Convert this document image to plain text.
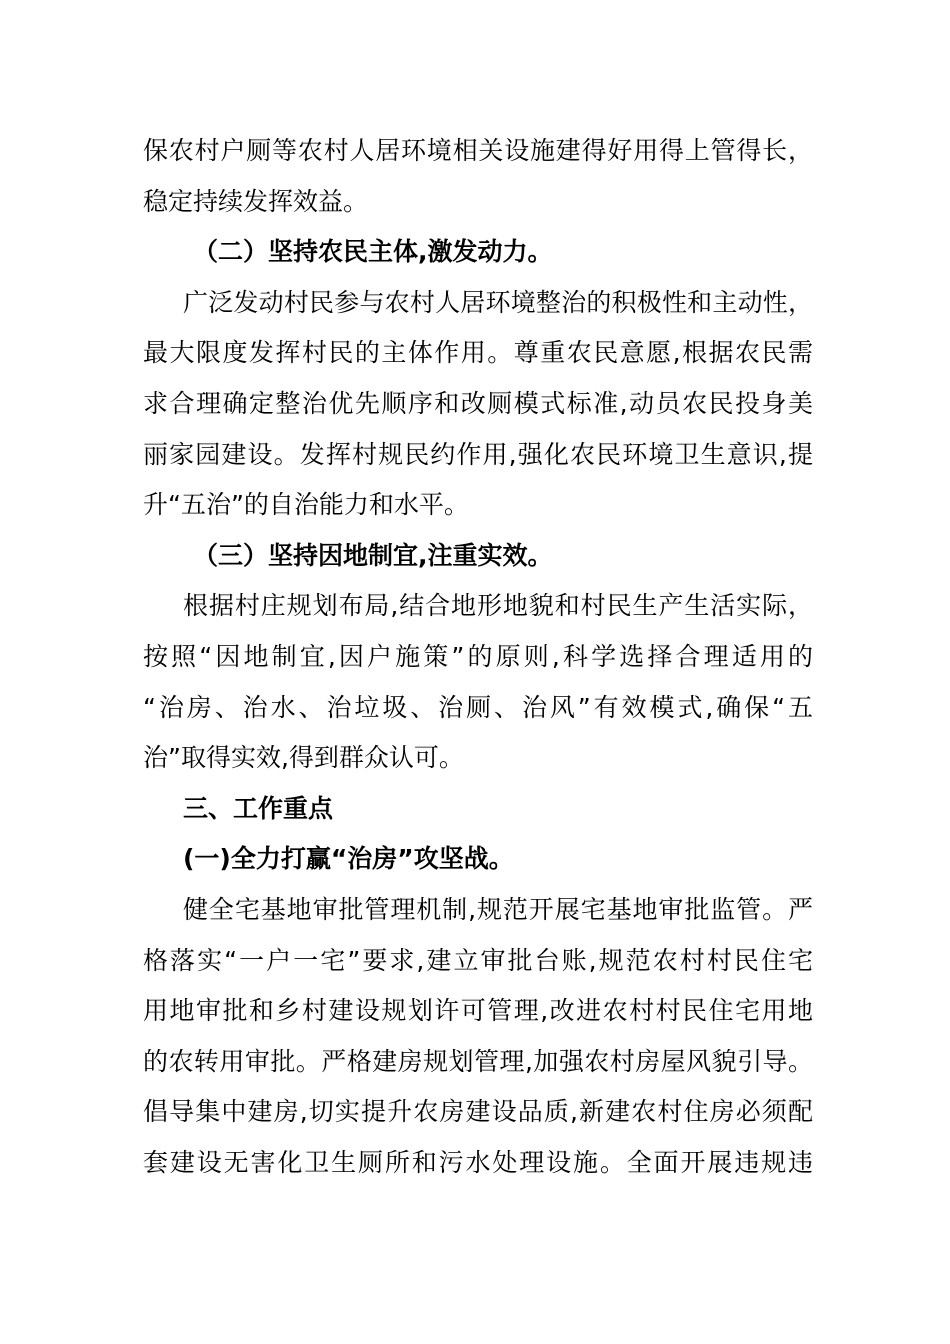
保农村户厕等农村人居环境相关设施建得好用得上管得长，
稳定持续发挥效益。
（二）坚持农民主体,激发动力。
广泛发动村民参与农村人居环境整治的积极性和主动性，
最大限度发挥村民的主体作用。尊重农民意愿,根据农民需
求合理确定整治优先顺序和改厕模式标准,动员农民投身美
丽家园建设。发挥村规民约作用,强化农民环境卫生意识,提
升“五治”的自治能力和水平。
（三）坚持因地制宜,注重实效。
根据村庄规划布局,结合地形地貌和村民生产生活实际，
按照“因地制宜,因户施策”的原则,科学选择合理适用的
“治房、治水、治垃圾、治厕、治风”有效模式,确保“五
治”取得实效,得到群众认可。
三、工作重点
(一)全力打赢“治房”攻坚战。
健全宅基地审批管理机制,规范开展宅基地审批监管。严
格落实“一户一宅”要求,建立审批台账,规范农村村民住宅
用地审批和乡村建设规划许可管理,改进农村村民住宅用地
的农转用审批。严格建房规划管理,加强农村房屋风貌引导。
倡导集中建房,切实提升农房建设品质,新建农村住房必须配
套建设无害化卫生厕所和污水处理设施。全面开展违规违
